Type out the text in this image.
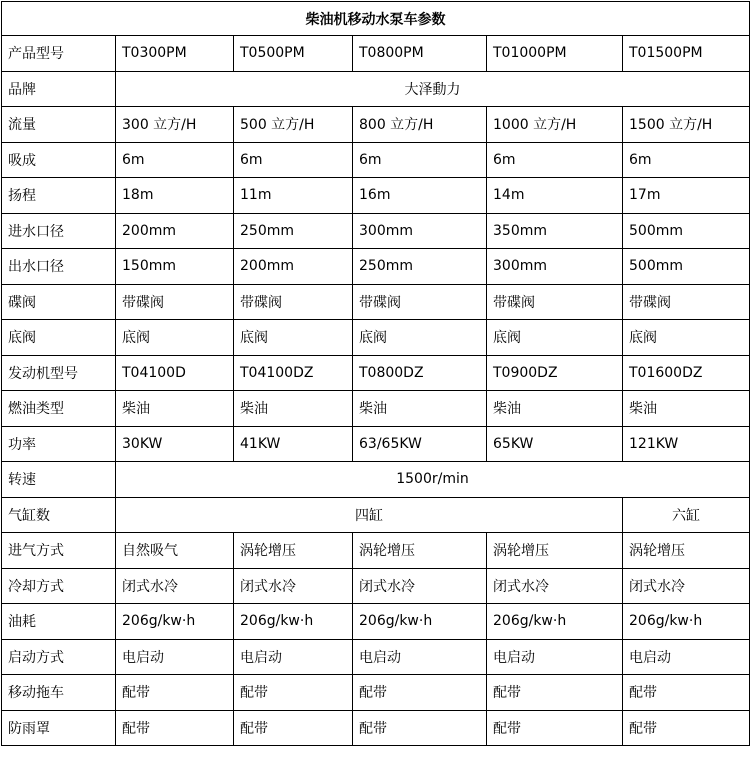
柴油机移动水泵车参数					
产品型号	T0300PM	T0500PM	T0800PM	T01000PM	T01500PM
品牌	大泽動力				
流量	300 立方/H	500 立方/H	800 立方/H	1000 立方/H	1500 立方/H
吸成	6m	6m	6m	6m	6m
扬程	18m	11m	16m	14m	17m
进水口径	200mm	250mm	300mm	350mm	500mm
出水口径	150mm	200mm	250mm	300mm	500mm
碟阀	带碟阀	带碟阀	带碟阀	带碟阀	带碟阀
底阀	底阀	底阀	底阀	底阀	底阀
发动机型号	T04100D	T04100DZ	T0800DZ	T0900DZ	T01600DZ
燃油类型	柴油	柴油	柴油	柴油	柴油
功率	30KW	41KW	63/65KW	65KW	121KW
转速	1500r/min				
气缸数	四缸				六缸
进气方式	自然吸气	涡轮增压	涡轮增压	涡轮增压	涡轮增压
冷却方式	闭式水冷	闭式水冷	闭式水冷	闭式水冷	闭式水冷
油耗	206g/kw·h	206g/kw·h	206g/kw·h	206g/kw·h	206g/kw·h
启动方式	电启动	电启动	电启动	电启动	电启动
移动拖车	配带	配带	配带	配带	配带
防雨罩	配带	配带	配带	配带	配带
